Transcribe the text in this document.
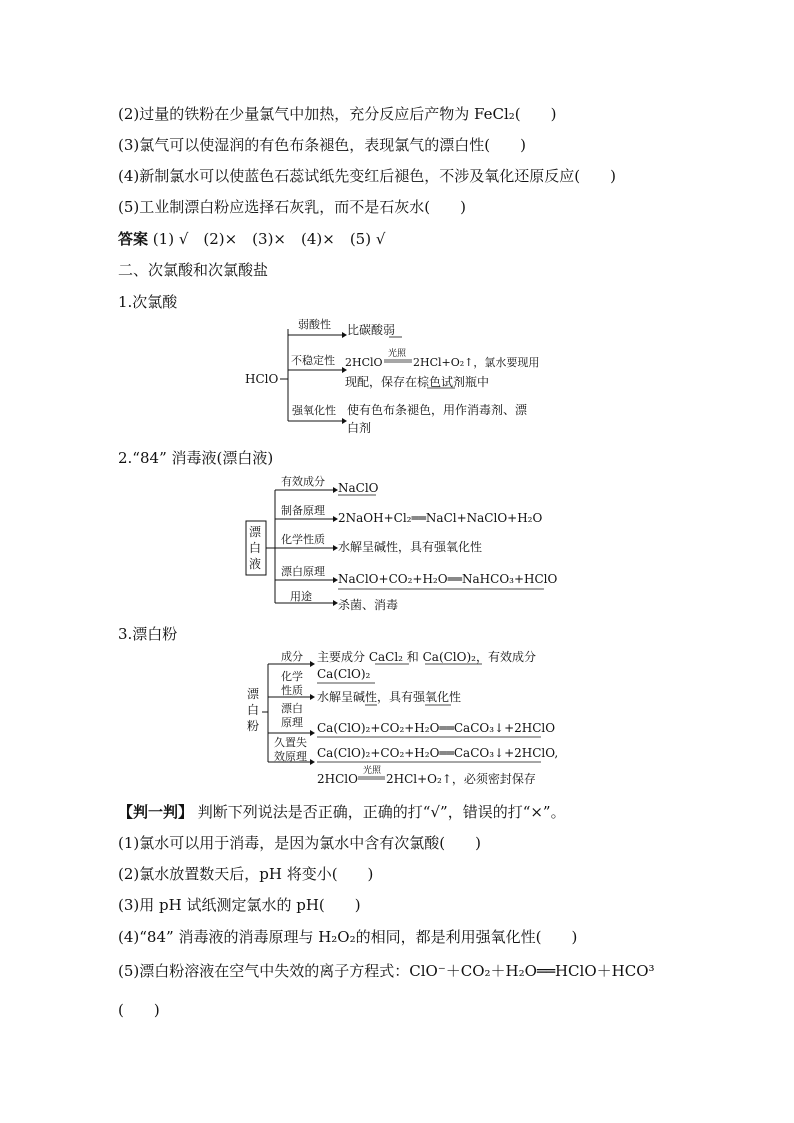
(2)过量的铁粉在少量氯气中加热，充分反应后产物为 FeCl₂(　　)
(3)氯气可以使湿润的有色布条褪色，表现氯气的漂白性(　　)
(4)新制氯水可以使蓝色石蕊试纸先变红后褪色，不涉及氧化还原反应(　　)
(5)工业制漂白粉应选择石灰乳，而不是石灰水(　　)
答案 (1) √　(2)×　(3)×　(4)×　(5) √
二、次氯酸和次氯酸盐
1.次氯酸
2.“84” 消毒液(漂白液)
3.漂白粉
HClO
弱酸性 比碳酸弱
不稳定性 2HClO
光照
2HCl+O₂↑，氯水要现用
现配，保存在棕色试剂瓶中
强氧化性 使有色布条褪色，用作消毒剂、漂
白剂
漂
白
液
有效成分 NaClO
制备原理
2NaOH+Cl₂══NaCl+NaClO+H₂O
化学性质
水解呈碱性，具有强氧化性
漂白原理
NaClO+CO₂+H₂O══NaHCO₃+HClO
用途
杀菌、消毒
漂
白
粉
成分 主要成分 CaCl₂ 和 Ca(ClO)₂，有效成分
Ca(ClO)₂
化学
性质 水解呈碱性，具有强氧化性
漂白
原理 Ca(ClO)₂+CO₂+H₂O══CaCO₃↓+2HClO
久置失
效原理 Ca(ClO)₂+CO₂+H₂O══CaCO₃↓+2HClO,
2HClO
光照
2HCl+O₂↑，必须密封保存
【判一判】 判断下列说法是否正确，正确的打“√”，错误的打“×”。
(1)氯水可以用于消毒，是因为氯水中含有次氯酸(　　)
(2)氯水放置数天后，pH 将变小(　　)
(3)用 pH 试纸测定氯水的 pH(　　)
(4)“84” 消毒液的消毒原理与 H₂O₂的相同，都是利用强氧化性(　　)
(5)漂白粉溶液在空气中失效的离子方程式：ClO⁻＋CO₂＋H₂O══HClO＋HCO³
(　　)
